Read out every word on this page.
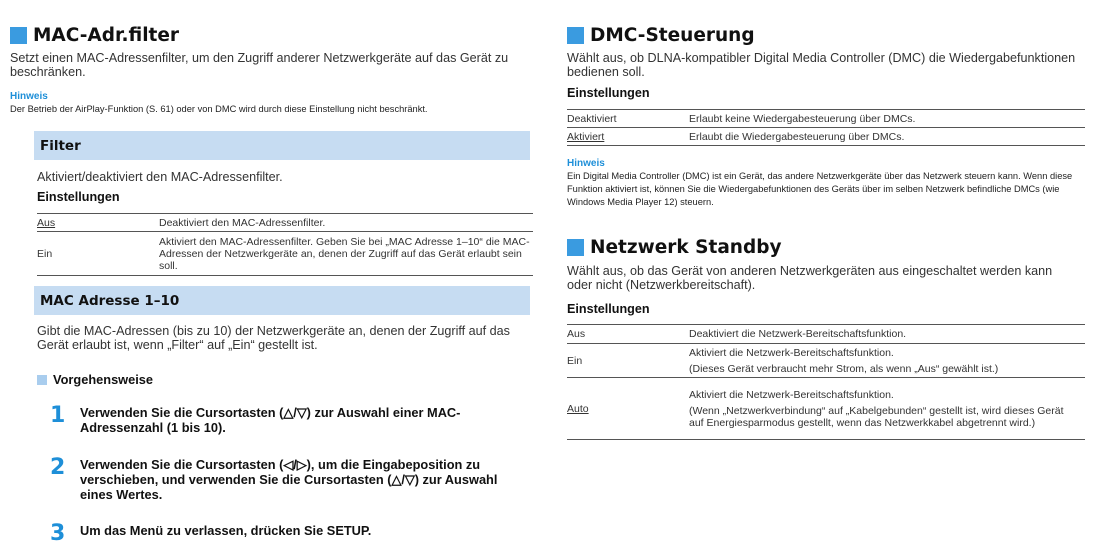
MAC-Adr.filter
Setzt einen MAC-Adressenfilter, um den Zugriff anderer Netzwerkgeräte auf das Gerät zu beschränken.
Hinweis
Der Betrieb der AirPlay-Funktion (S. 61) oder von DMC wird durch diese Einstellung nicht beschränkt.
Filter
Aktiviert/deaktiviert den MAC-Adressenfilter.
Einstellungen
Aus	Deaktiviert den MAC-Adressenfilter.
Ein	Aktiviert den MAC-Adressenfilter. Geben Sie bei „MAC Adresse 1–10“ die MAC-Adressen der Netzwerkgeräte an, denen der Zugriff auf das Gerät erlaubt sein soll.
MAC Adresse 1–10
Gibt die MAC-Adressen (bis zu 10) der Netzwerkgeräte an, denen der Zugriff auf das Gerät erlaubt ist, wenn „Filter“ auf „Ein“ gestellt ist.
Vorgehensweise
1	Verwenden Sie die Cursortasten (△/▽) zur Auswahl einer MAC-Adressenzahl (1 bis 10).
2	Verwenden Sie die Cursortasten (◁/▷), um die Eingabeposition zu verschieben, und verwenden Sie die Cursortasten (△/▽) zur Auswahl eines Wertes.
3	Um das Menü zu verlassen, drücken Sie SETUP.
DMC-Steuerung
Wählt aus, ob DLNA-kompatibler Digital Media Controller (DMC) die Wiedergabefunktionen bedienen soll.
Einstellungen
Deaktiviert	Erlaubt keine Wiedergabesteuerung über DMCs.
Aktiviert	Erlaubt die Wiedergabesteuerung über DMCs.
Hinweis
Ein Digital Media Controller (DMC) ist ein Gerät, das andere Netzwerkgeräte über das Netzwerk steuern kann. Wenn diese Funktion aktiviert ist, können Sie die Wiedergabefunktionen des Geräts über im selben Netzwerk befindliche DMCs (wie Windows Media Player 12) steuern.
Netzwerk Standby
Wählt aus, ob das Gerät von anderen Netzwerkgeräten aus eingeschaltet werden kann oder nicht (Netzwerkbereitschaft).
Einstellungen
Aus	Deaktiviert die Netzwerk-Bereitschaftsfunktion.
Ein	Aktiviert die Netzwerk-Bereitschaftsfunktion.
(Dieses Gerät verbraucht mehr Strom, als wenn „Aus“ gewählt ist.)

Auto	Aktiviert die Netzwerk-Bereitschaftsfunktion.
(Wenn „Netzwerkverbindung“ auf „Kabelgebunden“ gestellt ist, wird dieses Gerät auf Energiesparmodus gestellt, wenn das Netzwerkkabel abgetrennt wird.)
